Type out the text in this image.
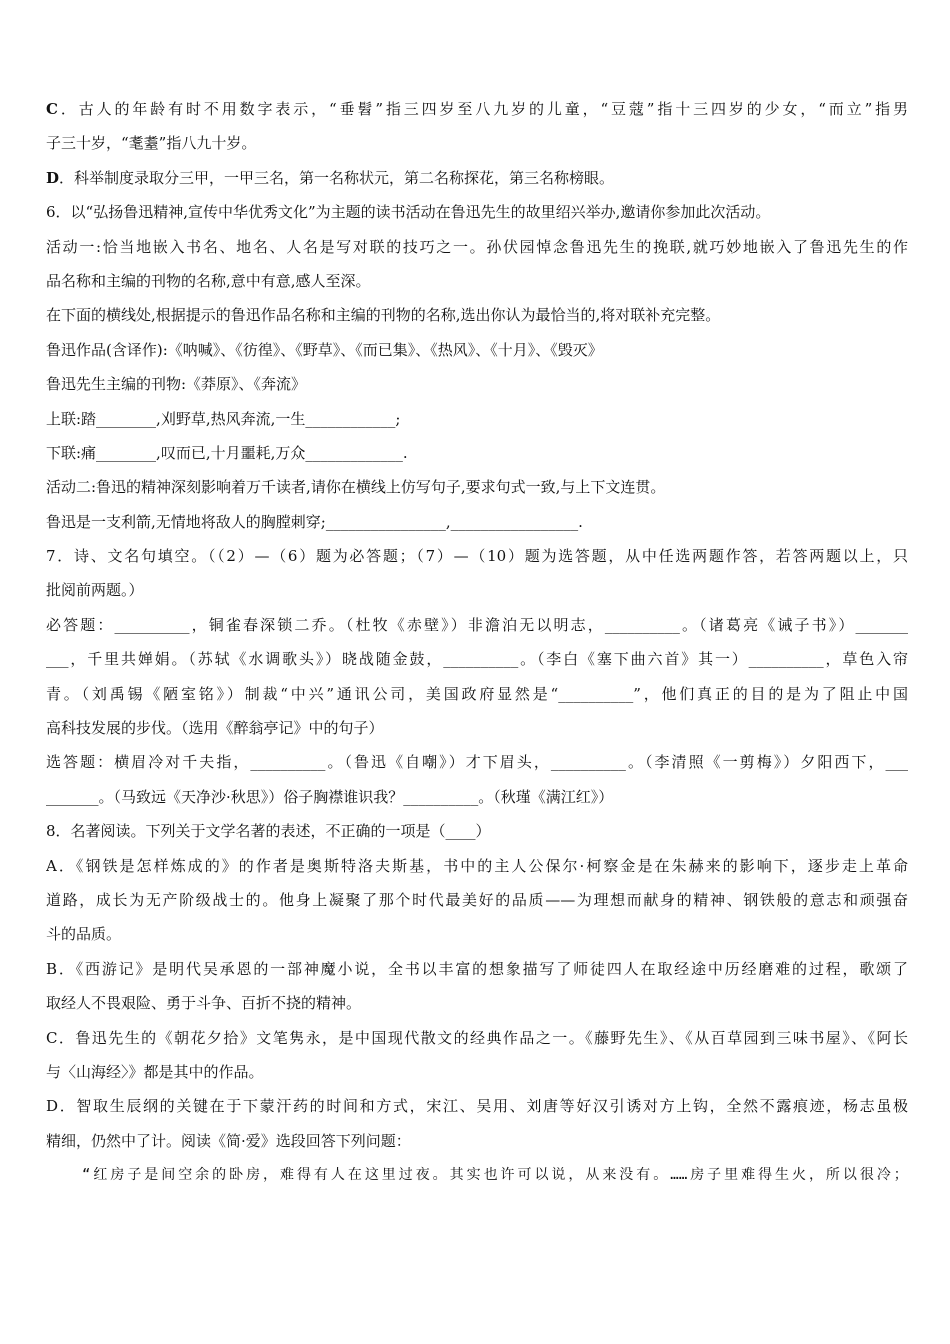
C．古人的年龄有时不用数字表示，“垂髫”指三四岁至八九岁的儿童，“豆蔻”指十三四岁的少女，“而立”指男
子三十岁，“耄耋”指八九十岁。
D．科举制度录取分三甲，一甲三名，第一名称状元，第二名称探花，第三名称榜眼。
6．以“弘扬鲁迅精神,宣传中华优秀文化”为主题的读书活动在鲁迅先生的故里绍兴举办,邀请你参加此次活动。
活动一:恰当地嵌入书名、地名、人名是写对联的技巧之一。孙伏园悼念鲁迅先生的挽联,就巧妙地嵌入了鲁迅先生的作
品名称和主编的刊物的名称,意中有意,感人至深。
在下面的横线处,根据提示的鲁迅作品名称和主编的刊物的名称,选出你认为最恰当的,将对联补充完整。
鲁迅作品(含译作):《呐喊》、《彷徨》、《野草》、《而已集》、《热风》、《十月》、《毁灭》
鲁迅先生主编的刊物:《莽原》、《奔流》
上联:踏________,刈野草,热风奔流,一生____________;
下联:痛________,叹而已,十月噩耗,万众_____________.
活动二:鲁迅的精神深刻影响着万千读者,请你在横线上仿写句子,要求句式一致,与上下文连贯。
鲁迅是一支利箭,无情地将敌人的胸膛刺穿;________________,_________________.
7．诗、文名句填空。（（2）—（6）题为必答题；（7）—（10）题为选答题，从中任选两题作答，若答两题以上，只
批阅前两题。）
必答题：__________，铜雀春深锁二乔。（杜牧《赤壁》）非澹泊无以明志，__________。（诸葛亮《诫子书》）_______
___，千里共婵娟。（苏轼《水调歌头》）晓战随金鼓，__________。（李白《塞下曲六首》其一）__________，草色入帘
青。（刘禹锡《陋室铭》）制裁“中兴”通讯公司，美国政府显然是“__________”，他们真正的目的是为了阻止中国
高科技发展的步伐。（选用《醉翁亭记》中的句子）
选答题：横眉冷对千夫指，__________。（鲁迅《自嘲》）才下眉头，__________。（李清照《一剪梅》）夕阳西下，___
_______。（马致远《天净沙·秋思》）俗子胸襟谁识我？__________。（秋瑾《满江红》）
8．名著阅读。下列关于文学名著的表述，不正确的一项是（____）
A．《钢铁是怎样炼成的》的作者是奥斯特洛夫斯基，书中的主人公保尔·柯察金是在朱赫来的影响下，逐步走上革命
道路，成长为无产阶级战士的。他身上凝聚了那个时代最美好的品质——为理想而献身的精神、钢铁般的意志和顽强奋
斗的品质。
B．《西游记》是明代吴承恩的一部神魔小说，全书以丰富的想象描写了师徒四人在取经途中历经磨难的过程，歌颂了
取经人不畏艰险、勇于斗争、百折不挠的精神。
C．鲁迅先生的《朝花夕拾》文笔隽永，是中国现代散文的经典作品之一。《藤野先生》、《从百草园到三味书屋》、《阿长
与〈山海经〉》都是其中的作品。
D．智取生辰纲的关键在于下蒙汗药的时间和方式，宋江、吴用、刘唐等好汉引诱对方上钩，全然不露痕迹，杨志虽极
精细，仍然中了计。阅读《简·爱》选段回答下列问题：
“红房子是间空余的卧房，难得有人在这里过夜。其实也许可以说，从来没有。……房子里难得生火，所以很冷；
